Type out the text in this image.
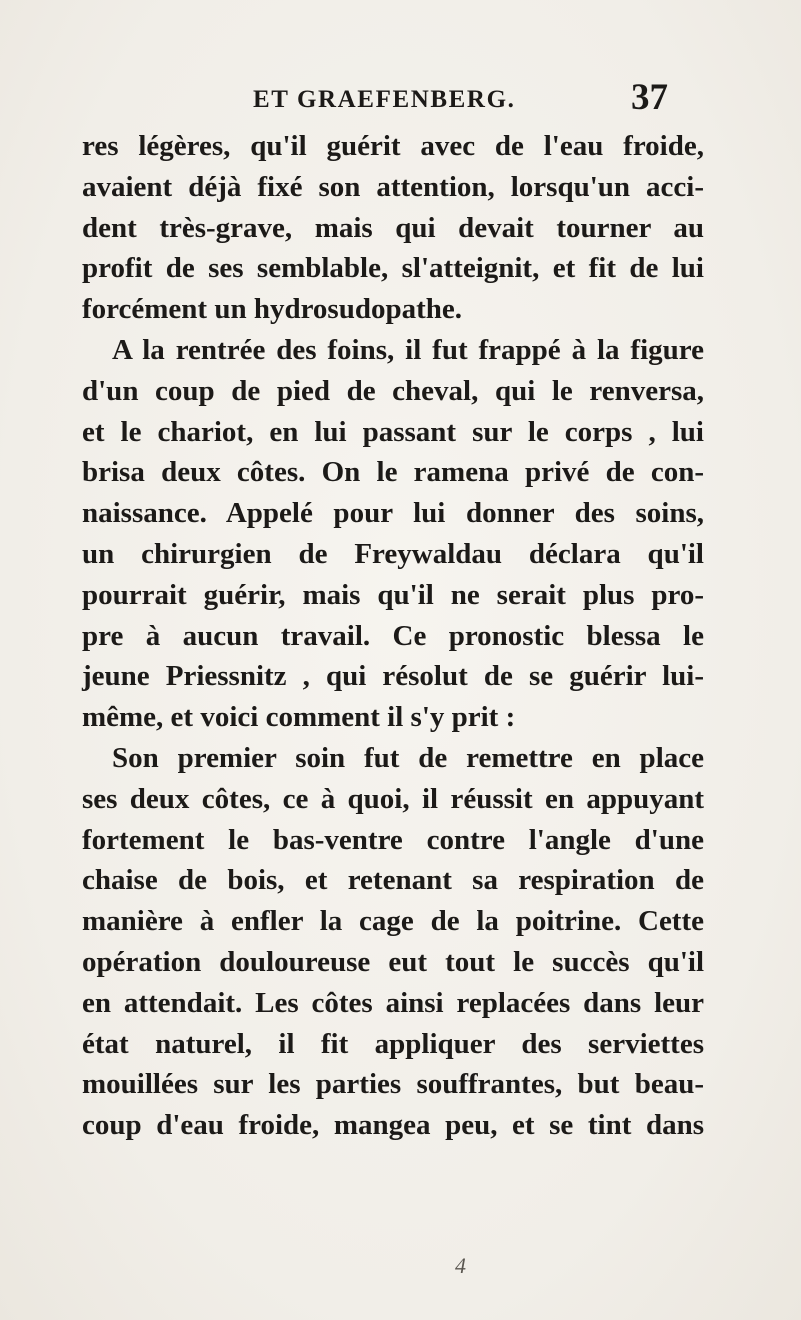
ET GRAEFENBERG.	37
res légères, qu'il guérit avec de l'eau froide,
avaient déjà fixé son attention, lorsqu'un acci-
dent très-grave, mais qui devait tourner au
profit de ses semblable, sl'atteignit, et fit de lui
forcément un hydrosudopathe.
A la rentrée des foins, il fut frappé à la figure
d'un coup de pied de cheval, qui le renversa,
et le chariot, en lui passant sur le corps , lui
brisa deux côtes. On le ramena privé de con-
naissance. Appelé pour lui donner des soins,
un chirurgien de Freywaldau déclara qu'il
pourrait guérir, mais qu'il ne serait plus pro-
pre à aucun travail. Ce pronostic blessa le
jeune Priessnitz , qui résolut de se guérir lui-
même, et voici comment il s'y prit :
Son premier soin fut de remettre en place
ses deux côtes, ce à quoi, il réussit en appuyant
fortement le bas-ventre contre l'angle d'une
chaise de bois, et retenant sa respiration de
manière à enfler la cage de la poitrine. Cette
opération douloureuse eut tout le succès qu'il
en attendait. Les côtes ainsi replacées dans leur
état naturel, il fit appliquer des serviettes
mouillées sur les parties souffrantes, but beau-
coup d'eau froide, mangea peu, et se tint dans
4
